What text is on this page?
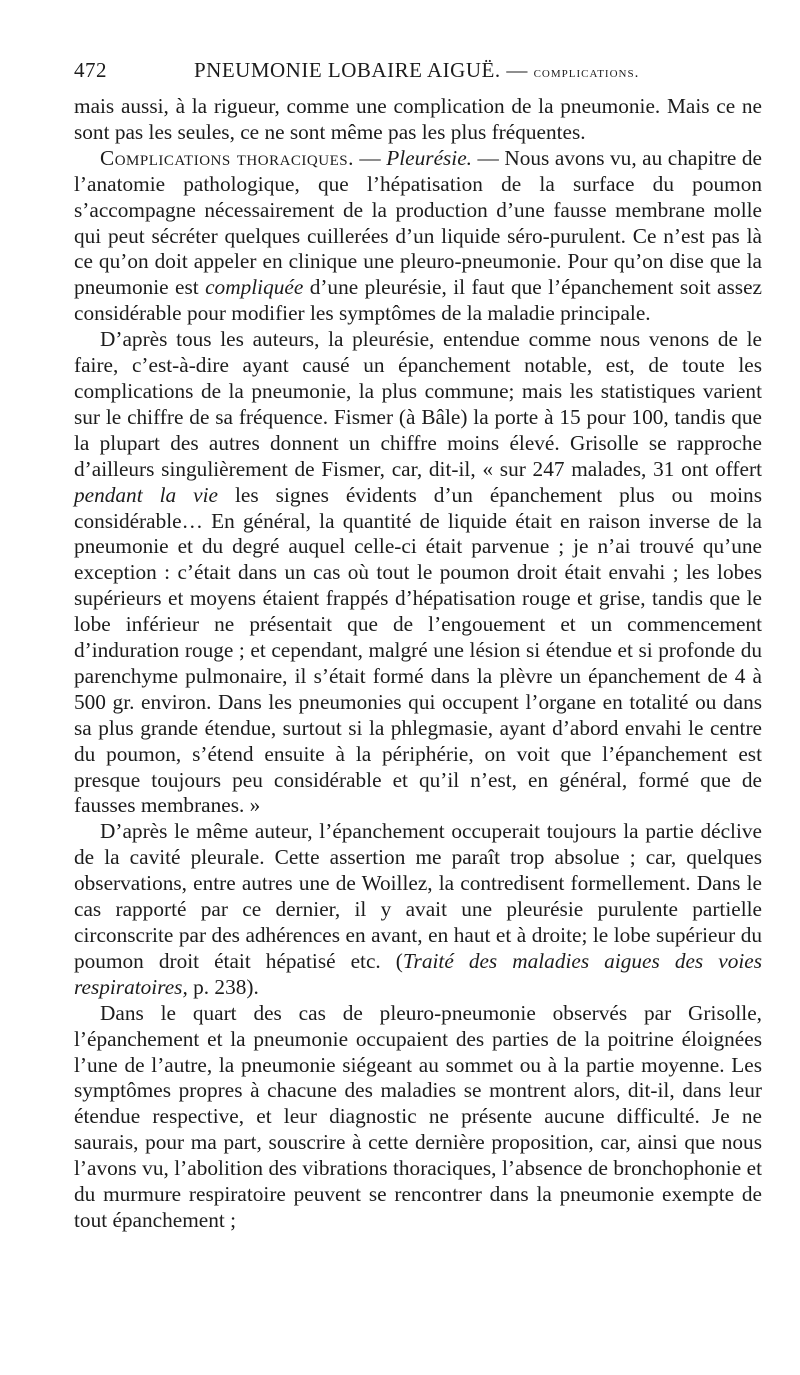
472	PNEUMONIE LOBAIRE AIGUË. — complications.

mais aussi, à la rigueur, comme une complication de la pneumonie. Mais ce ne sont pas les seules, ce ne sont même pas les plus fréquentes.

Complications thoraciques. — Pleurésie. — Nous avons vu, au chapitre de l’anatomie pathologique, que l’hépatisation de la surface du poumon s’accompagne nécessairement de la production d’une fausse membrane molle qui peut sécréter quelques cuillerées d’un liquide séro-purulent. Ce n’est pas là ce qu’on doit appeler en clinique une pleuro-pneumonie. Pour qu’on dise que la pneumonie est compliquée d’une pleurésie, il faut que l’épanchement soit assez considérable pour modifier les symptômes de la maladie principale.

D’après tous les auteurs, la pleurésie, entendue comme nous venons de le faire, c’est-à-dire ayant causé un épanchement notable, est, de toute les complications de la pneumonie, la plus commune; mais les statistiques varient sur le chiffre de sa fréquence. Fismer (à Bâle) la porte à 15 pour 100, tandis que la plupart des autres donnent un chiffre moins élevé. Grisolle se rapproche d’ailleurs singulièrement de Fismer, car, dit-il, « sur 247 malades, 31 ont offert pendant la vie les signes évidents d’un épanchement plus ou moins considérable… En général, la quantité de liquide était en raison inverse de la pneumonie et du degré auquel celle-ci était parvenue ; je n’ai trouvé qu’une exception : c’était dans un cas où tout le poumon droit était envahi ; les lobes supérieurs et moyens étaient frappés d’hépatisation rouge et grise, tandis que le lobe inférieur ne présentait que de l’engouement et un commencement d’induration rouge ; et cependant, malgré une lésion si étendue et si profonde du parenchyme pulmonaire, il s’était formé dans la plèvre un épanchement de 4 à 500 gr. environ. Dans les pneumonies qui occupent l’organe en totalité ou dans sa plus grande étendue, surtout si la phlegmasie, ayant d’abord envahi le centre du poumon, s’étend ensuite à la périphérie, on voit que l’épanchement est presque toujours peu considérable et qu’il n’est, en général, formé que de fausses membranes. »

D’après le même auteur, l’épanchement occuperait toujours la partie déclive de la cavité pleurale. Cette assertion me paraît trop absolue ; car, quelques observations, entre autres une de Woillez, la contredisent formellement. Dans le cas rapporté par ce dernier, il y avait une pleurésie purulente partielle circonscrite par des adhérences en avant, en haut et à droite; le lobe supérieur du poumon droit était hépatisé etc. (Traité des maladies aigues des voies respiratoires, p. 238).

Dans le quart des cas de pleuro-pneumonie observés par Grisolle, l’épanchement et la pneumonie occupaient des parties de la poitrine éloignées l’une de l’autre, la pneumonie siégeant au sommet ou à la partie moyenne. Les symptômes propres à chacune des maladies se montrent alors, dit-il, dans leur étendue respective, et leur diagnostic ne présente aucune difficulté. Je ne saurais, pour ma part, souscrire à cette dernière proposition, car, ainsi que nous l’avons vu, l’abolition des vibrations thoraciques, l’absence de bronchophonie et du murmure respiratoire peuvent se rencontrer dans la pneumonie exempte de tout épanchement ;
